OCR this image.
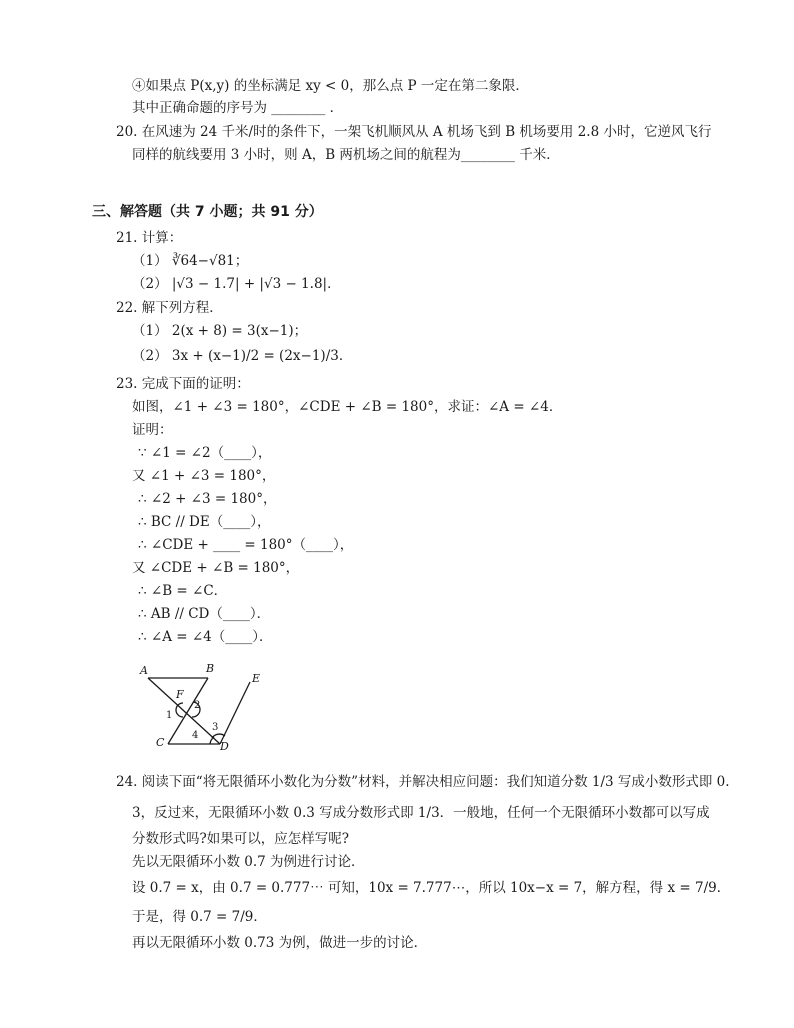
④如果点 P(x,y) 的坐标满足 xy < 0，那么点 P 一定在第二象限．
其中正确命题的序号为 ________ ．
20. 在风速为 24 千米/时的条件下，一架飞机顺风从 A 机场飞到 B 机场要用 2.8 小时，它逆风飞行
同样的航线要用 3 小时，则 A，B 两机场之间的航程为________ 千米．
三、解答题（共 7 小题；共 91 分）
21. 计算：
（1） ∛64−√81；
（2） |√3 − 1.7| + |√3 − 1.8|．
22. 解下列方程．
（1） 2(x + 8) = 3(x−1)；
（2） 3x + (x−1)/2 = (2x−1)/3．
23. 完成下面的证明：
如图，∠1 + ∠3 = 180°，∠CDE + ∠B = 180°，求证：∠A = ∠4．
证明：
∵ ∠1 = ∠2（____），
又 ∠1 + ∠3 = 180°，
∴ ∠2 + ∠3 = 180°，
∴ BC // DE（____），
∴ ∠CDE + ____ = 180°（____），
又 ∠CDE + ∠B = 180°，
∴ ∠B = ∠C．
∴ AB // CD（____）．
∴ ∠A = ∠4（____）．
A	B
C	D
E
F
1
2
3
4
24. 阅读下面“将无限循环小数化为分数”材料，并解决相应问题：我们知道分数 1/3 写成小数形式即 0.
3，反过来，无限循环小数 0.3 写成分数形式即 1/3．一般地，任何一个无限循环小数都可以写成
分数形式吗?如果可以，应怎样写呢?
先以无限循环小数 0.7 为例进行讨论．
设 0.7 = x，由 0.7 = 0.777⋯ 可知，10x = 7.777⋯，所以 10x−x = 7，解方程，得 x = 7/9．
于是，得 0.7 = 7/9．
再以无限循环小数 0.73 为例，做进一步的讨论．
